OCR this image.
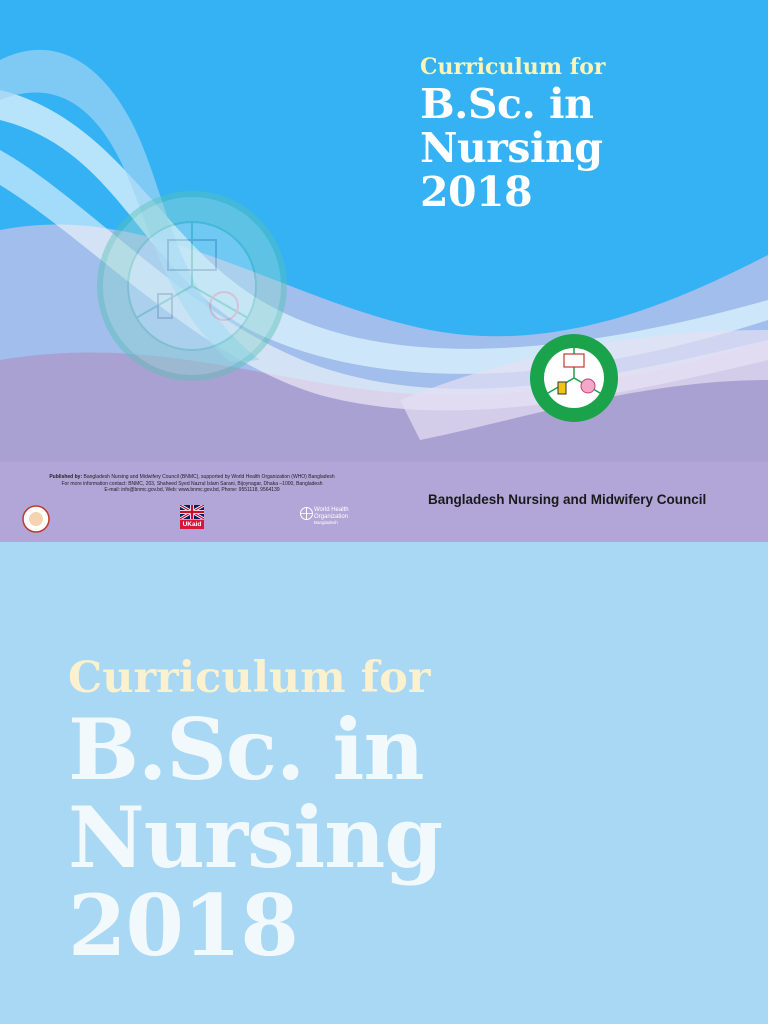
Curriculum for
B.Sc. in
Nursing
2018
Published by: Bangladesh Nursing and Midwifery Council (BNMC), supported by World Health Organization (WHO) Bangladesh
For more information contact: BNMC, 203, Shaheed Syed Nazrul Islam Sarani, Bijoynagar, Dhaka –1000, Bangladesh
E-mail: info@bnmc.gov.bd, Web: www.bnmc.gov.bd, Phone: 9551118, 9564139
Bangladesh Nursing and Midwifery Council
UKaid
World Health
Organization
Bangladesh
Curriculum for
B.Sc. in
Nursing
2018
